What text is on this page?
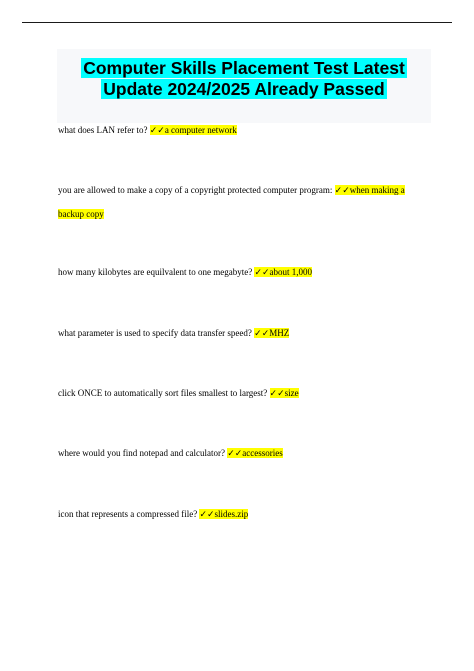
Computer Skills Placement Test Latest
Update 2024/2025 Already Passed
what does LAN refer to? ✓✓a computer network
you are allowed to make a copy of a copyright protected computer program: ✓✓when making a
backup copy
how many kilobytes are equilvalent to one megabyte? ✓✓about 1,000
what parameter is used to specify data transfer speed? ✓✓MHZ
click ONCE to automatically sort files smallest to largest? ✓✓size
where would you find notepad and calculator? ✓✓accessories
icon that represents a compressed file? ✓✓slides.zip
